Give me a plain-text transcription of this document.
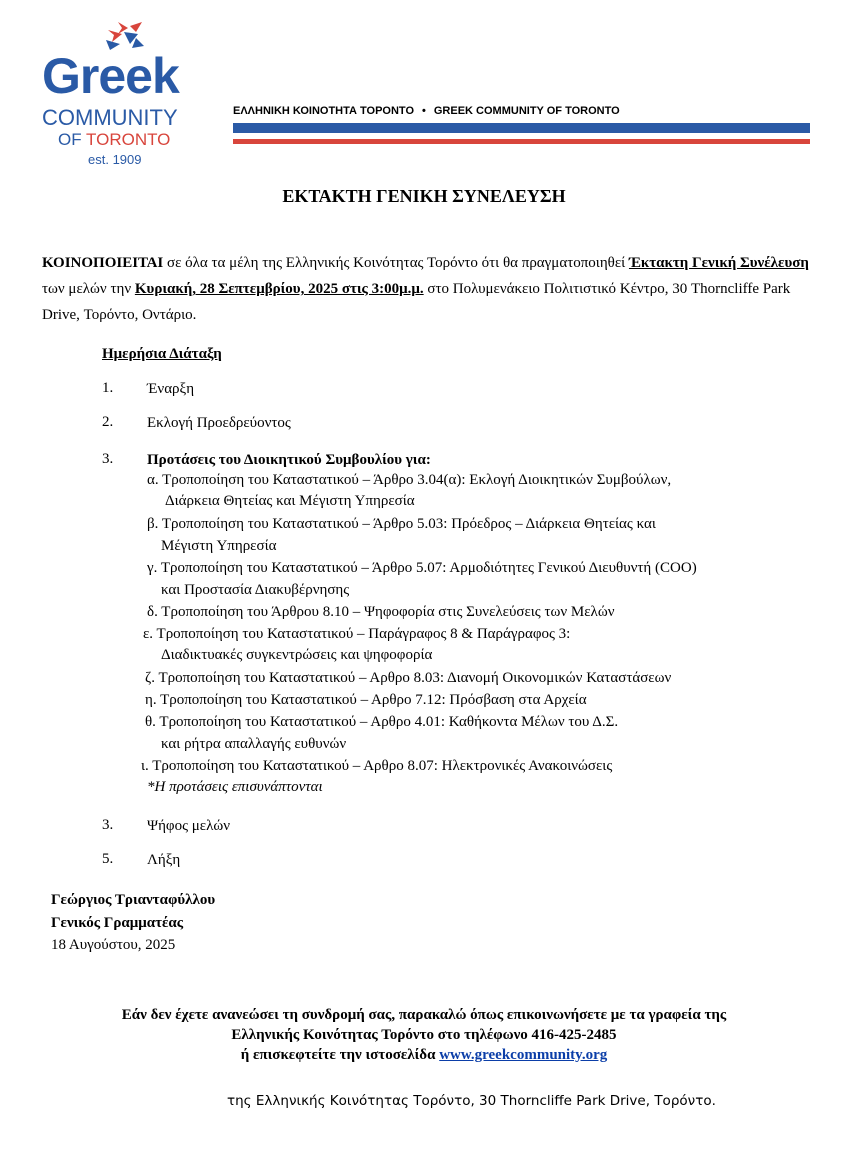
Greek
COMMUNITY
OF TORONTO
est. 1909
ΕΛΛΗΝΙΚΗ ΚΟΙΝΟΤΗΤΑ ΤΟΡΟΝΤΟ • GREEK COMMUNITY OF TORONTO
ΕΚΤΑΚΤΗ ΓΕΝΙΚΗ ΣΥΝΕΛΕΥΣΗ
ΚΟΙΝΟΠΟΙΕΙΤΑΙ σε όλα τα μέλη της Ελληνικής Κοινότητας Τορόντο ότι θα πραγματοποιηθεί Έκτακτη Γενική Συνέλευση των μελών την Κυριακή, 28 Σεπτεμβρίου, 2025 στις 3:00μ.μ. στο Πολυμενάκειο Πολιτιστικό Κέντρο, 30 Thorncliffe Park Drive, Τορόντο, Οντάριο.
Ημερήσια Διάταξη
1. Έναρξη
2. Εκλογή Προεδρεύοντος
3. Προτάσεις του Διοικητικού Συμβουλίου για:
α. Τροποποίηση του Καταστατικού – Άρθρο 3.04(α): Εκλογή Διοικητικών Συμβούλων,
Διάρκεια Θητείας και Μέγιστη Υπηρεσία
β. Τροποποίηση του Καταστατικού – Άρθρο 5.03: Πρόεδρος – Διάρκεια Θητείας και
Μέγιστη Υπηρεσία
γ. Τροποποίηση του Καταστατικού – Άρθρο 5.07: Αρμοδιότητες Γενικού Διευθυντή (COO)
και Προστασία Διακυβέρνησης
δ. Τροποποίηση του Άρθρου 8.10 – Ψηφοφορία στις Συνελεύσεις των Μελών
ε. Τροποποίηση του Καταστατικού – Παράγραφος 8 & Παράγραφος 3:
Διαδικτυακές συγκεντρώσεις και ψηφοφορία
ζ. Τροποποίηση του Καταστατικού – Αρθρο 8.03: Διανομή Οικονομικών Καταστάσεων
η. Τροποποίηση του Καταστατικού – Αρθρο 7.12: Πρόσβαση στα Αρχεία
θ. Τροποποίηση του Καταστατικού – Αρθρο 4.01: Καθήκοντα Μέλων του Δ.Σ.
και ρήτρα απαλλαγής ευθυνών
ι. Τροποποίηση του Καταστατικού – Αρθρο 8.07: Ηλεκτρονικές Ανακοινώσεις
*Η προτάσεις επισυνάπτονται
3. Ψήφος μελών
5. Λήξη
Γεώργιος Τριανταφύλλου
Γενικός Γραμματέας
18 Αυγούστου, 2025
Εάν δεν έχετε ανανεώσει τη συνδρομή σας, παρακαλώ όπως επικοινωνήσετε με τα γραφεία της
Ελληνικής Κοινότητας Τορόντο στο τηλέφωνο 416-425-2485
ή επισκεφτείτε την ιστοσελίδα www.greekcommunity.org
της Ελληνικής Κοινότητας Τορόντο, 30 Thorncliffe Park Drive, Τορόντο.
